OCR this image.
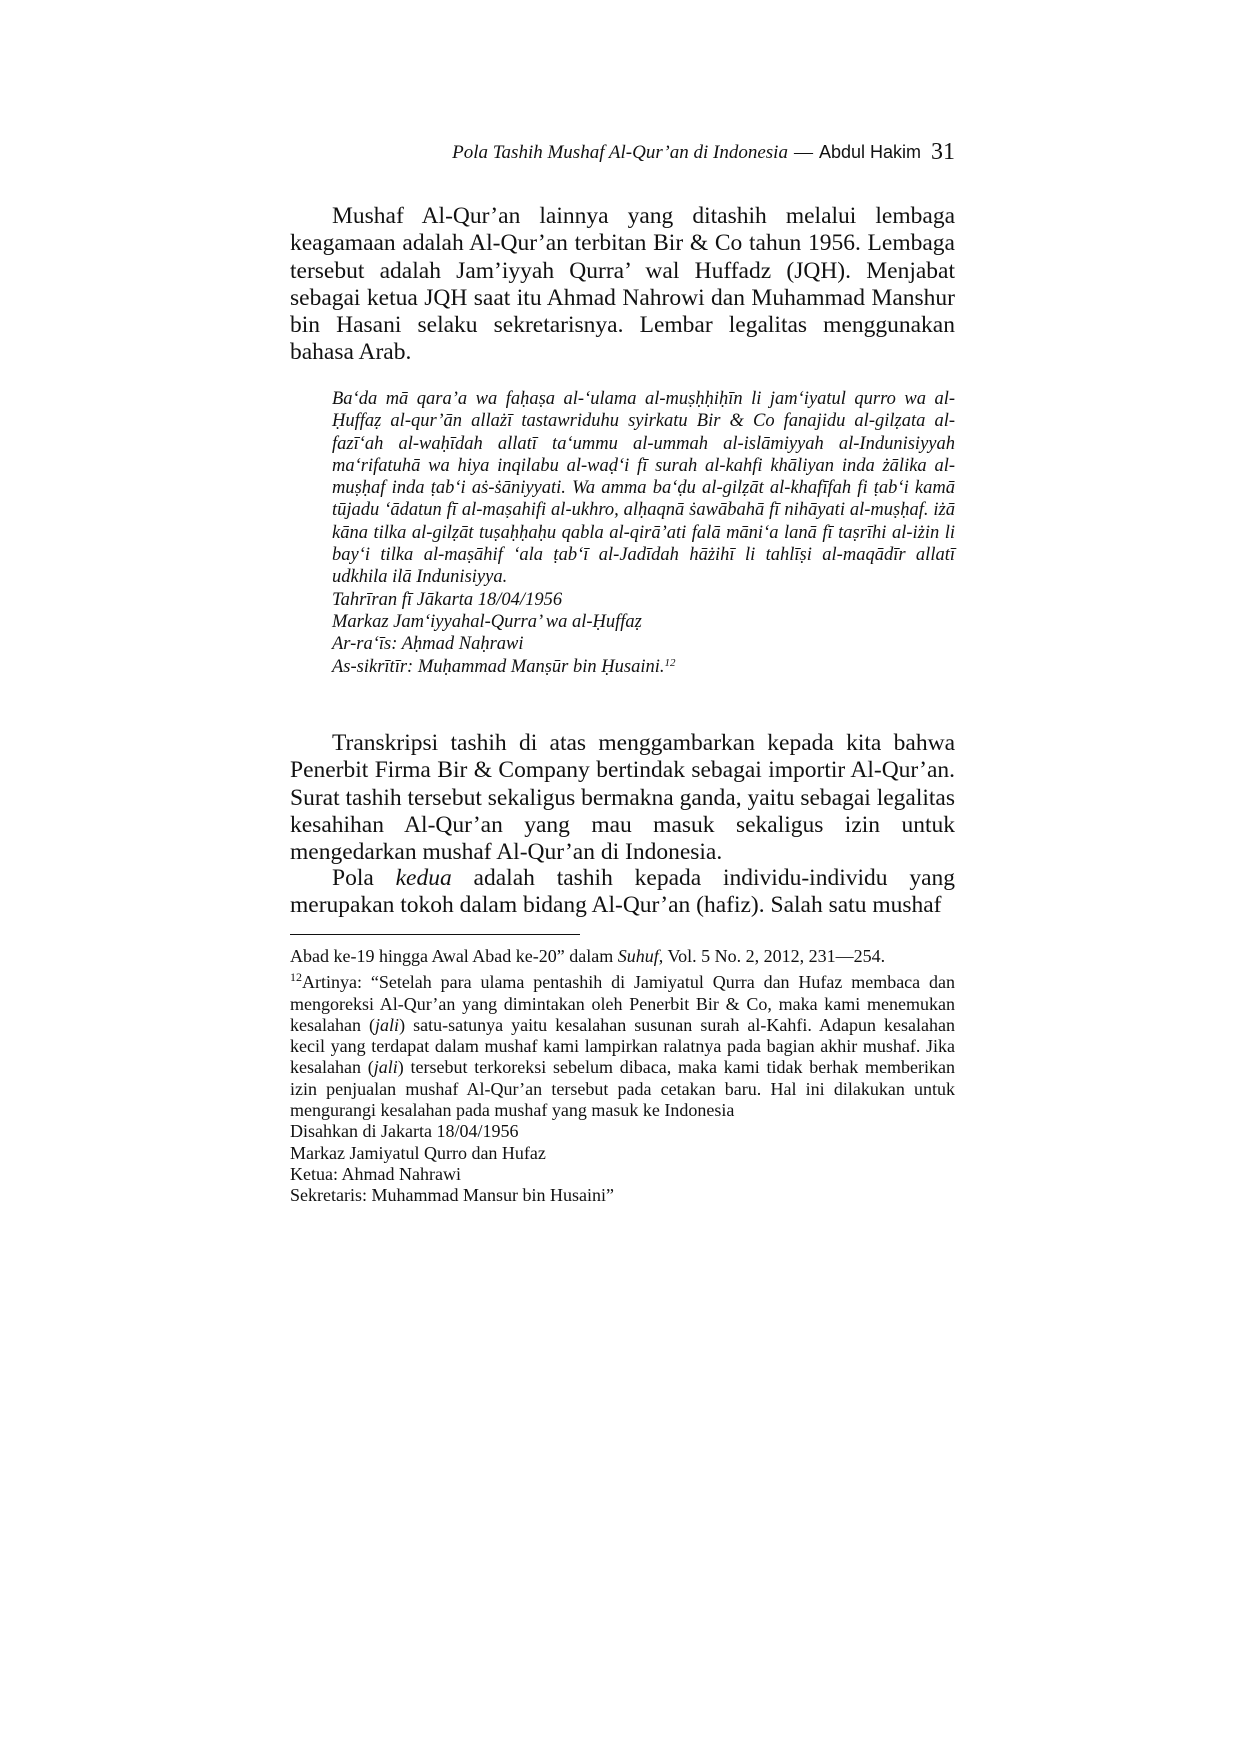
Pola Tashih Mushaf Al-Qur’an di Indonesia — Abdul Hakim 31

Mushaf Al-Qur’an lainnya yang ditashih melalui lembaga keagamaan adalah Al-Qur’an terbitan Bir & Co tahun 1956. Lembaga tersebut adalah Jam’iyyah Qurra’ wal Huffadz (JQH). Menjabat sebagai ketua JQH saat itu Ahmad Nahrowi dan Muhammad Manshur bin Hasani selaku sekretarisnya. Lembar legalitas menggunakan bahasa Arab.

Ba‘da mā qara’a wa faḥaṣa al-‘ulama al-muṣḥḥiḥīn li jam‘iyatul qurro wa al-Ḥuffaẓ al-qur’ān allażī tastawriduhu syirkatu Bir & Co fanajidu al-gilẓata al-fazī‘ah al-waḥīdah allatī ta‘ummu al-ummah al-islāmiyyah al-Indunisiyyah ma‘rifatuhā wa hiya inqilabu al-waḍ‘i fī surah al-kahfi khāliyan inda żālika al-muṣḥaf inda ṭab‘i aṡ-ṡāniyyati. Wa amma ba‘ḍu al-gilẓāt al-khafīfah fi ṭab‘i kamā tūjadu ‘ādatun fī al-maṣahifi al-ukhro, alḥaqnā ṡawābahā fī nihāyati al-muṣḥaf. iżā kāna tilka al-gilẓāt tuṣaḥḥaḥu qabla al-qirā’ati falā māni‘a lanā fī taṣrīhi al-iżin li bay‘i tilka al-maṣāhif ‘ala ṭab‘ī al-Jadīdah hāżihī li tahlīṣi al-maqādīr allatī udkhila ilā Indunisiyya.

Tahrīran fī Jākarta 18/04/1956

Markaz Jam‘iyyahal-Qurra’ wa al-Ḥuffaẓ

Ar-ra‘īs: Aḥmad Naḥrawi

As-sikrītīr: Muḥammad Manṣūr bin Ḥusaini.$^{12}$

Transkripsi tashih di atas menggambarkan kepada kita bahwa Penerbit Firma Bir & Company bertindak sebagai importir Al-Qur’an. Surat tashih tersebut sekaligus bermakna ganda, yaitu sebagai legalitas kesahihan Al-Qur’an yang mau masuk sekaligus izin untuk mengedarkan mushaf Al-Qur’an di Indonesia.

Pola kedua adalah tashih kepada individu-individu yang merupakan tokoh dalam bidang Al-Qur’an (hafiz). Salah satu mushaf

Abad ke-19 hingga Awal Abad ke-20” dalam Suhuf, Vol. 5 No. 2, 2012, 231—254.

$^{12}$Artinya: “Setelah para ulama pentashih di Jamiyatul Qurra dan Hufaz membaca dan mengoreksi Al-Qur’an yang dimintakan oleh Penerbit Bir & Co, maka kami menemukan kesalahan (jali) satu-satunya yaitu kesalahan susunan surah al-Kahfi. Adapun kesalahan kecil yang terdapat dalam mushaf kami lampirkan ralatnya pada bagian akhir mushaf. Jika kesalahan (jali) tersebut terkoreksi sebelum dibaca, maka kami tidak berhak memberikan izin penjualan mushaf Al-Qur’an tersebut pada cetakan baru. Hal ini dilakukan untuk mengurangi kesalahan pada mushaf yang masuk ke Indonesia

Disahkan di Jakarta 18/04/1956

Markaz Jamiyatul Qurro dan Hufaz

Ketua: Ahmad Nahrawi

Sekretaris: Muhammad Mansur bin Husaini”
